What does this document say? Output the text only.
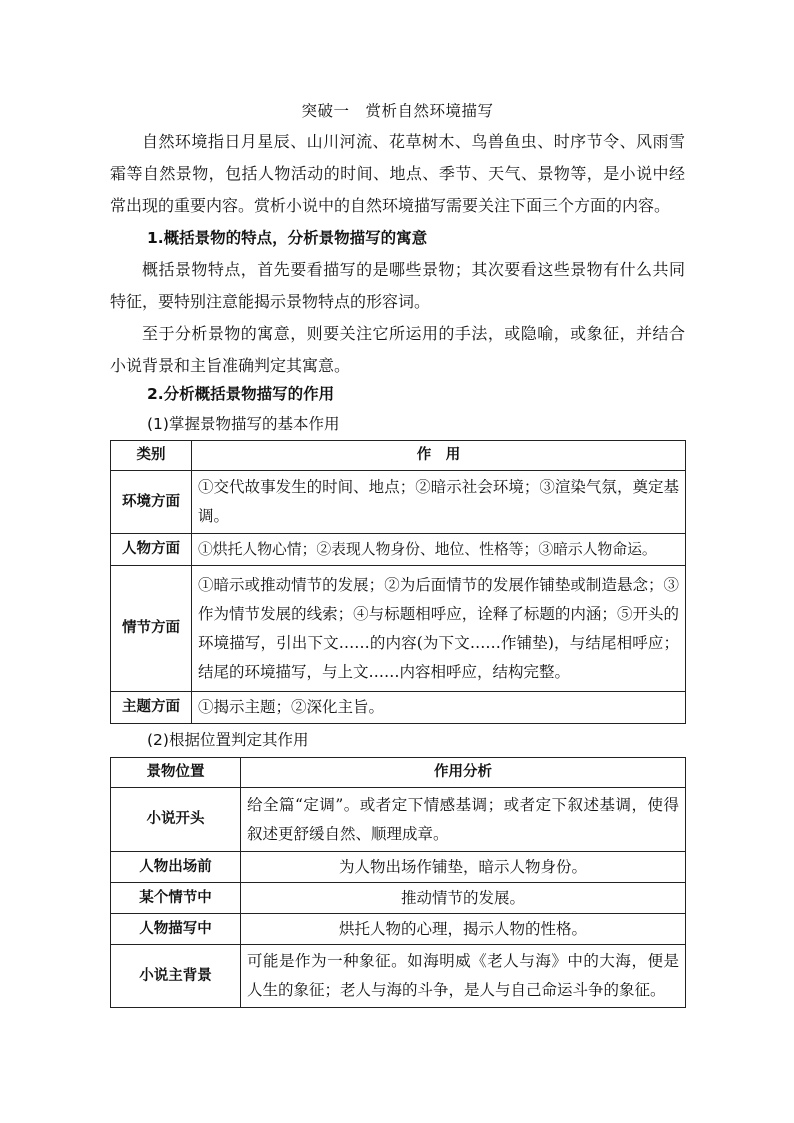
突破一　赏析自然环境描写

自然环境指日月星辰、山川河流、花草树木、鸟兽鱼虫、时序节令、风雨雪霜等自然景物，包括人物活动的时间、地点、季节、天气、景物等，是小说中经常出现的重要内容。赏析小说中的自然环境描写需要关注下面三个方面的内容。

1.概括景物的特点，分析景物描写的寓意

概括景物特点，首先要看描写的是哪些景物；其次要看这些景物有什么共同特征，要特别注意能揭示景物特点的形容词。

至于分析景物的寓意，则要关注它所运用的手法，或隐喻，或象征，并结合小说背景和主旨准确判定其寓意。

2.分析概括景物描写的作用
(1)掌握景物描写的基本作用
类别	作　用
环境方面	①交代故事发生的时间、地点；②暗示社会环境；③渲染气氛，奠定基调。
人物方面	①烘托人物心情；②表现人物身份、地位、性格等；③暗示人物命运。
情节方面	①暗示或推动情节的发展；②为后面情节的发展作铺垫或制造悬念；③作为情节发展的线索；④与标题相呼应，诠释了标题的内涵；⑤开头的环境描写，引出下文……的内容(为下文……作铺垫)，与结尾相呼应；结尾的环境描写，与上文……内容相呼应，结构完整。
主题方面	①揭示主题；②深化主旨。
(2)根据位置判定其作用
景物位置	作用分析
小说开头	给全篇“定调”。或者定下情感基调；或者定下叙述基调，使得叙述更舒缓自然、顺理成章。
人物出场前	为人物出场作铺垫，暗示人物身份。
某个情节中	推动情节的发展。
人物描写中	烘托人物的心理，揭示人物的性格。
小说主背景	可能是作为一种象征。如海明威《老人与海》中的大海，便是人生的象征；老人与海的斗争，是人与自己命运斗争的象征。
